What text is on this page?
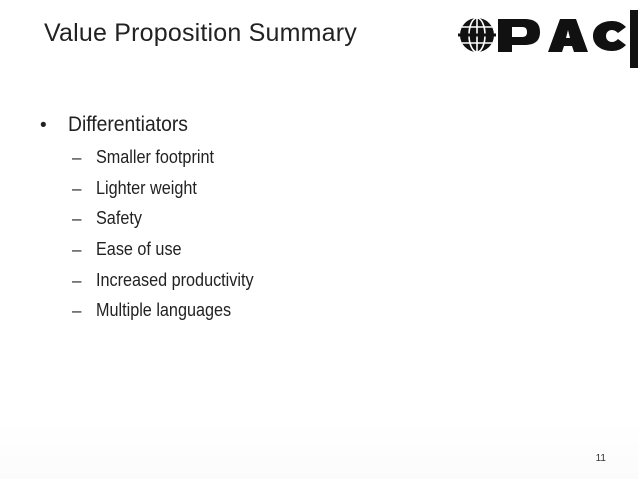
Value Proposition Summary
•	Differentiators
– Smaller footprint
– Lighter weight
– Safety
– Ease of use
– Increased productivity
– Multiple languages
11
